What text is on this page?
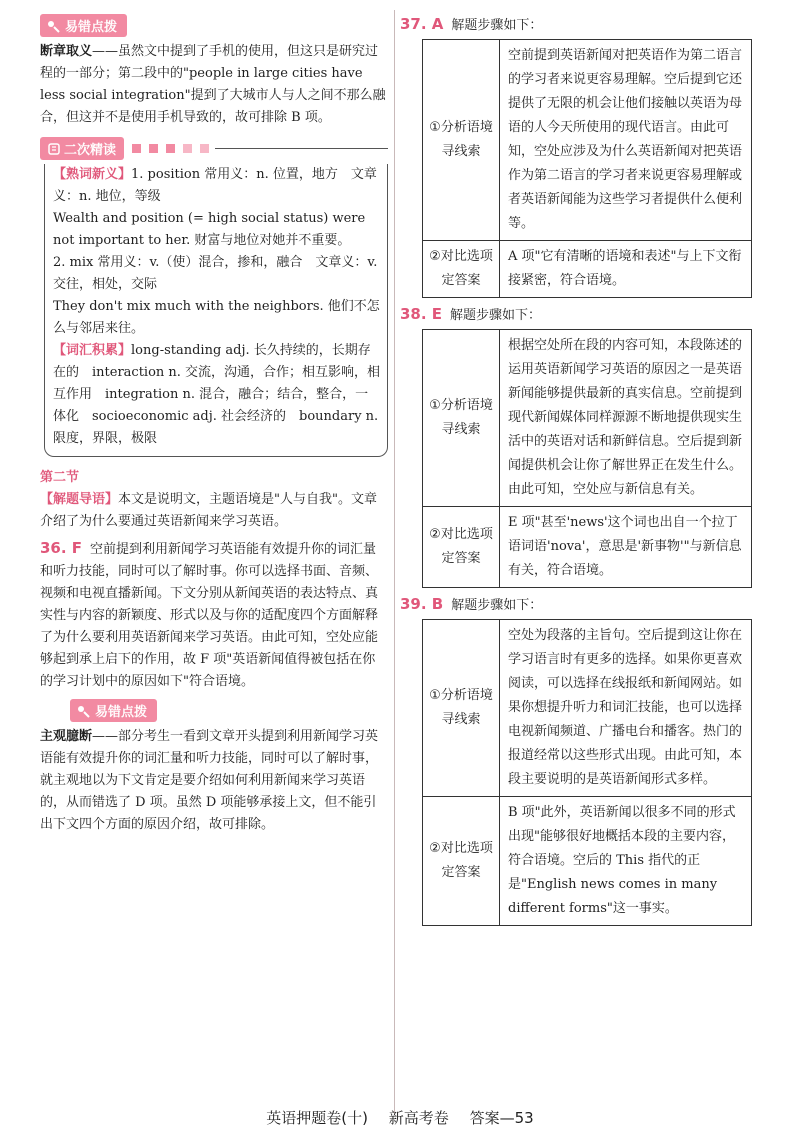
易错点拨

断章取义——虽然文中提到了手机的使用，但这只是研究过程的一部分；第二段中的"people in large cities have less social integration"提到了大城市人与人之间不那么融合，但这并不是使用手机导致的，故可排除 B 项。

二次精读

【熟词新义】1. position 常用义：n. 位置，地方　文章义：n. 地位，等级

Wealth and position (= high social status) were not important to her. 财富与地位对她并不重要。

2. mix 常用义：v.（使）混合，掺和，融合　文章义：v. 交往，相处，交际

They don't mix much with the neighbors. 他们不怎么与邻居来往。

【词汇积累】long-standing adj. 长久持续的，长期存在的　interaction n. 交流，沟通，合作；相互影响，相互作用　integration n. 混合，融合；结合，整合，一体化　socioeconomic adj. 社会经济的　boundary n. 限度，界限，极限

第二节

【解题导语】本文是说明文，主题语境是"人与自我"。文章介绍了为什么要通过英语新闻来学习英语。

36. F 空前提到利用新闻学习英语能有效提升你的词汇量和听力技能，同时可以了解时事。你可以选择书面、音频、视频和电视直播新闻。下文分别从新闻英语的表达特点、真实性与内容的新颖度、形式以及与你的适配度四个方面解释了为什么要利用英语新闻来学习英语。由此可知，空处应能够起到承上启下的作用，故 F 项"英语新闻值得被包括在你的学习计划中的原因如下"符合语境。

易错点拨

主观臆断——部分考生一看到文章开头提到利用新闻学习英语能有效提升你的词汇量和听力技能，同时可以了解时事，就主观地以为下文肯定是要介绍如何利用新闻来学习英语的，从而错选了 D 项。虽然 D 项能够承接上文，但不能引出下文四个方面的原因介绍，故可排除。

37. A 解题步骤如下：
①分析语境寻线索	空前提到英语新闻对把英语作为第二语言的学习者来说更容易理解。空后提到它还提供了无限的机会让他们接触以英语为母语的人今天所使用的现代语言。由此可知，空处应涉及为什么英语新闻对把英语作为第二语言的学习者来说更容易理解或者英语新闻能为这些学习者提供什么便利等。
②对比选项定答案	A 项"它有清晰的语境和表述"与上下文衔接紧密，符合语境。
38. E 解题步骤如下：
①分析语境寻线索	根据空处所在段的内容可知，本段陈述的运用英语新闻学习英语的原因之一是英语新闻能够提供最新的真实信息。空前提到现代新闻媒体同样源源不断地提供现实生活中的英语对话和新鲜信息。空后提到新闻提供机会让你了解世界正在发生什么。由此可知，空处应与新信息有关。
②对比选项定答案	E 项"甚至'news'这个词也出自一个拉丁语词语'nova'，意思是'新事物'"与新信息有关，符合语境。
39. B 解题步骤如下：
①分析语境寻线索	空处为段落的主旨句。空后提到这让你在学习语言时有更多的选择。如果你更喜欢阅读，可以选择在线报纸和新闻网站。如果你想提升听力和词汇技能，也可以选择电视新闻频道、广播电台和播客。热门的报道经常以这些形式出现。由此可知，本段主要说明的是英语新闻形式多样。
②对比选项定答案	B 项"此外，英语新闻以很多不同的形式出现"能够很好地概括本段的主要内容，符合语境。空后的 This 指代的正是"English news comes in many different forms"这一事实。
英语押题卷(十) 新高考卷 答案—53
